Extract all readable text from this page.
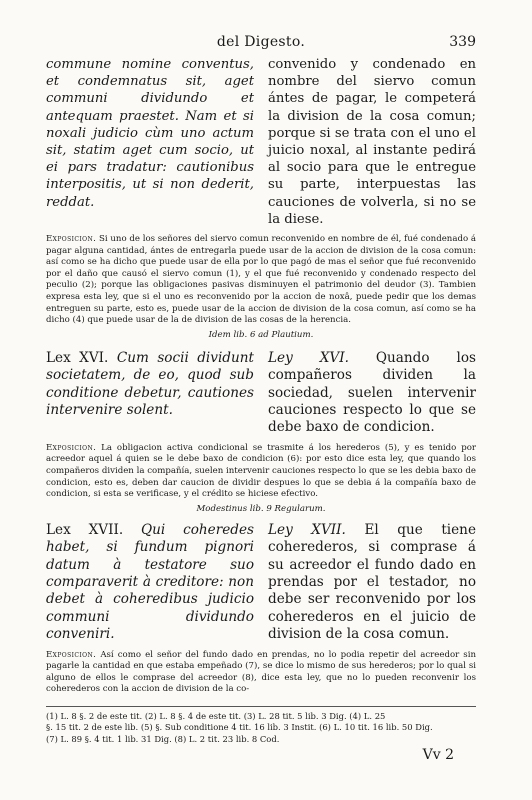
del Digesto.	339
commune nomine conventus, et condemnatus sit, aget communi dividundo et antequam praestet. Nam et si noxali judicio cùm uno actum sit, statim aget cum socio, ut ei pars tradatur: cautionibus interpositis, ut si non dederit, reddat.
convenido y condenado en nombre del siervo comun ántes de pagar, le competerá la division de la cosa comun; porque si se trata con el uno el juicio noxal, al instante pedirá al socio para que le entregue su parte, interpuestas las cauciones de volverla, si no se la diese.
Exposicion. Si uno de los señores del siervo comun reconvenido en nombre de él, fué condenado á pagar alguna cantidad, ántes de entregarla puede usar de la accion de division de la cosa comun: así como se ha dicho que puede usar de ella por lo que pagó de mas el señor que fué reconvenido por el daño que causó el siervo comun (1), y el que fué reconvenido y condenado respecto del peculio (2); porque las obligaciones pasivas disminuyen el patrimonio del deudor (3). Tambien expresa esta ley, que si el uno es reconvenido por la accion de noxâ, puede pedir que los demas entreguen su parte, esto es, puede usar de la accion de division de la cosa comun, así como se ha dicho (4) que puede usar de la de division de las cosas de la herencia.
Idem lib. 6 ad Plautium.
Lex XVI. Cum socii dividunt societatem, de eo, quod sub conditione debetur, cautiones intervenire solent.
Ley XVI. Quando los compañeros dividen la sociedad, suelen intervenir cauciones respecto lo que se debe baxo de condicion.
Exposicion. La obligacion activa condicional se trasmite á los herederos (5), y es tenido por acreedor aquel á quien se le debe baxo de condicion (6): por esto dice esta ley, que quando los compañeros dividen la compañía, suelen intervenir cauciones respecto lo que se les debia baxo de condicion, esto es, deben dar caucion de dividir despues lo que se debia á la compañía baxo de condicion, si esta se verificase, y el crédito se hiciese efectivo.
Modestinus lib. 9 Regularum.
Lex XVII. Qui coheredes habet, si fundum pignori datum à testatore suo comparaverit à creditore: non debet à coheredibus judicio communi dividundo conveniri.
Ley XVII. El que tiene coherederos, si comprase á su acreedor el fundo dado en prendas por el testador, no debe ser reconvenido por los coherederos en el juicio de division de la cosa comun.
Exposicion. Así como el señor del fundo dado en prendas, no lo podia repetir del acreedor sin pagarle la cantidad en que estaba empeñado (7), se dice lo mismo de sus herederos; por lo qual si alguno de ellos le comprase del acreedor (8), dice esta ley, que no lo pueden reconvenir los coherederos con la accion de division de la co-
(1) L. 8 §. 2 de este tit. (2) L. 8 §. 4 de este tit. (3) L. 28 tit. 5 lib. 3 Dig. (4) L. 25
§. 15 tit. 2 de este lib. (5) §. Sub conditione 4 tit. 16 lib. 3 Instit. (6) L. 10 tit. 16 lib. 50 Dig.
(7) L. 89 §. 4 tit. 1 lib. 31 Dig. (8) L. 2 tit. 23 lib. 8 Cod.
Vv 2
